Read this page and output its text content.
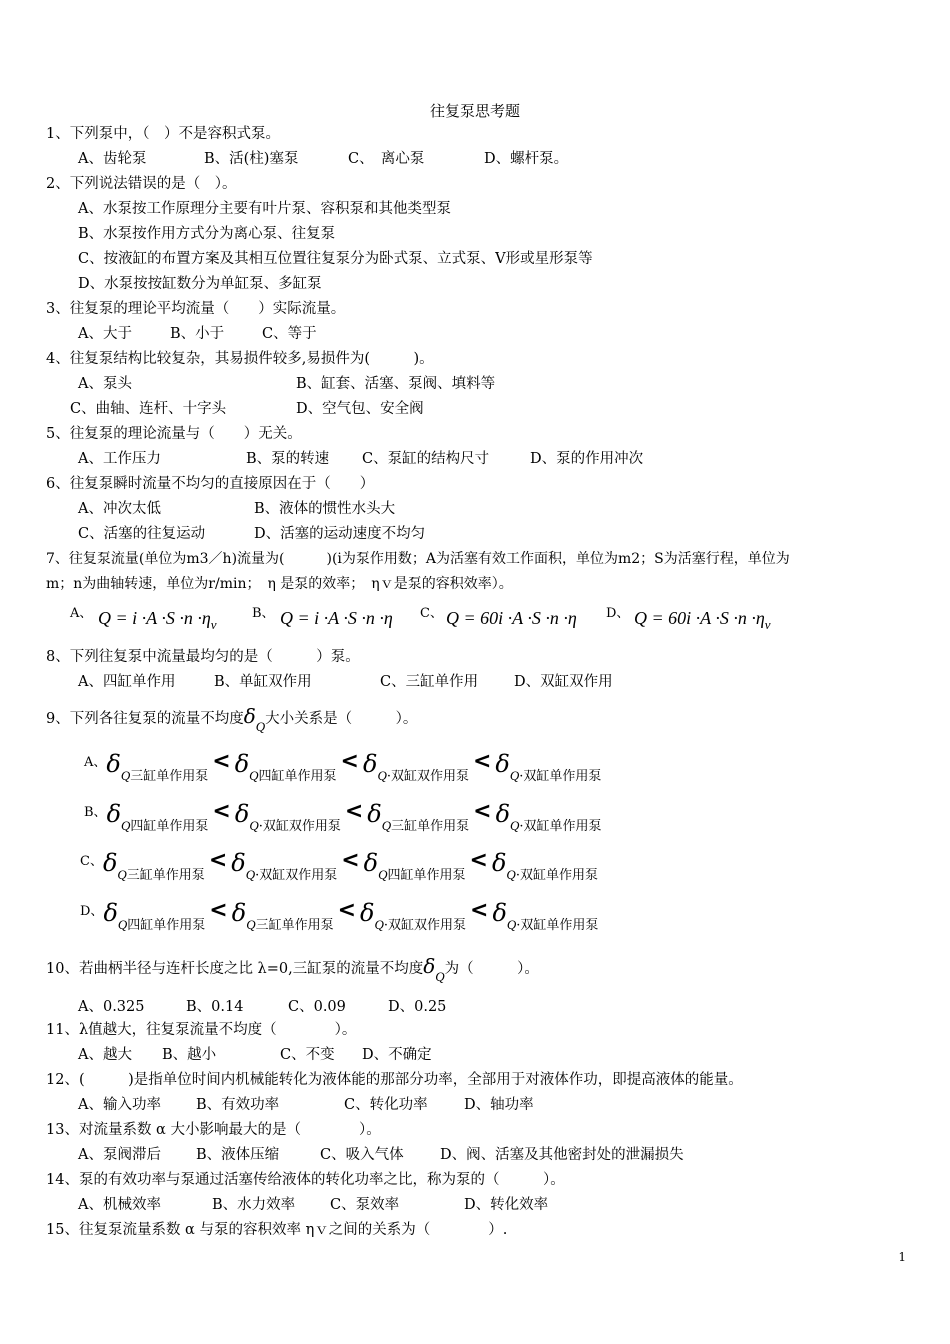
往复泵思考题
1、下列泵中，（　）不是容积式泵。
A、齿轮泵	B、活(柱)塞泵	C、　离心泵	D、螺杆泵。
2、下列说法错误的是（　）。
A、水泵按工作原理分主要有叶片泵、容积泵和其他类型泵
B、水泵按作用方式分为离心泵、往复泵
C、按液缸的布置方案及其相互位置往复泵分为卧式泵、立式泵、V形或星形泵等
D、水泵按按缸数分为单缸泵、多缸泵
3、往复泵的理论平均流量（　　）实际流量。
A、大于	B、小于	C、等于
4、往复泵结构比较复杂，其易损件较多,易损件为(　　　)。
A、泵头	B、缸套、活塞、泵阀、填料等
C、曲轴、连杆、十字头	D、空气包、安全阀
5、往复泵的理论流量与（　　）无关。
A、工作压力	B、泵的转速 C、泵缸的结构尺寸	D、泵的作用冲次
6、往复泵瞬时流量不均匀的直接原因在于（　　）
A、冲次太低	B、液体的惯性水头大
C、活塞的往复运动	D、活塞的运动速度不均匀
7、往复泵流量(单位为m3／h)流量为(　　　)(i为泵作用数；A为活塞有效工作面积，单位为m2；S为活塞行程，单位为
m；n为曲轴转速，单位为r/min；　η 是泵的效率；　ηｖ是泵的容积效率）。
A、 $Q = i \cdot A \cdot S \cdot n \cdot\eta_v$
B、 Q = i ·A ·S ·n ·η C、 Q = 60i ·A ·S ·n ·η D、 $Q = 60i \cdot A \cdot S \cdot n \cdot\eta_v$
8、下列往复泵中流量最均匀的是（　　　）泵。
A、四缸单作用	B、单缸双作用	C、三缸单作用 D、双缸双作用
9、下列各往复泵的流量不均度δQ大小关系是（　　　）。
$^{A、}\delta_{Q三缸单作用泵}< \delta_{Q四缸单作用泵}< \delta_{Q\cdot 双缸双作用泵}< \delta_{Q\cdot 双缸单作用泵}$
$^{B、}\delta_{Q四缸单作用泵}< \delta_{Q\cdot 双缸双作用泵}< \delta_{Q三缸单作用泵}< \delta_{Q\cdot 双缸单作用泵}$
$^{C、}\delta_{Q三缸单作用泵}< \delta_{Q\cdot 双缸双作用泵}< \delta_{Q四缸单作用泵}< \delta_{Q\cdot 双缸单作用泵}$
$^{D、}\delta_{Q四缸单作用泵}< \delta_{Q三缸单作用泵}< \delta_{Q\cdot 双缸双作用泵}< \delta_{Q\cdot 双缸单作用泵}$
10、若曲柄半径与连杆长度之比 λ=0,三缸泵的流量不均度δQ为（　　　）。
A、0.325	B、0.14	C、0.09	D、0.25
11、λ值越大，往复泵流量不均度（　　　　）。
A、越大 B、越小	C、不变 D、不确定
12、(　　　)是指单位时间内机械能转化为液体能的那部分功率，全部用于对液体作功，即提高液体的能量。
A、输入功率 B、有效功率	C、转化功率	D、轴功率
13、对流量系数 α 大小影响最大的是（　　　　）。
A、泵阀滞后 B、液体压缩	C、吸入气体	D、阀、活塞及其他密封处的泄漏损失
14、泵的有效功率与泵通过活塞传给液体的转化功率之比，称为泵的（　　　）。
A、机械效率	B、水力效率 C、泵效率	D、转化效率
15、往复泵流量系数 α 与泵的容积效率 ηｖ之间的关系为（　　　　）.
1
